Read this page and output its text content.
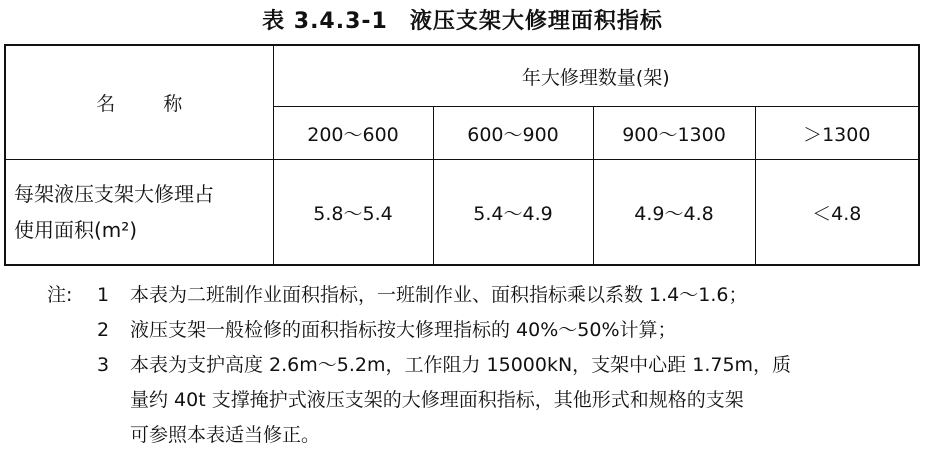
表 3.4.3-1 液压支架大修理面积指标
名称	年大修理数量(架)			
	200～600	600～900	900～1300	＞1300

每架液压支架大修理占
使用面积(m²)	5.8～5.4	5.4～4.9	4.9～4.8	＜4.8
注: 1 本表为二班制作业面积指标，一班制作业、面积指标乘以系数 1.4～1.6；
2 液压支架一般检修的面积指标按大修理指标的 40%～50%计算；
3 本表为支护高度 2.6m～5.2m，工作阻力 15000kN，支架中心距 1.75m，质
量约 40t 支撑掩护式液压支架的大修理面积指标，其他形式和规格的支架
可参照本表适当修正。
